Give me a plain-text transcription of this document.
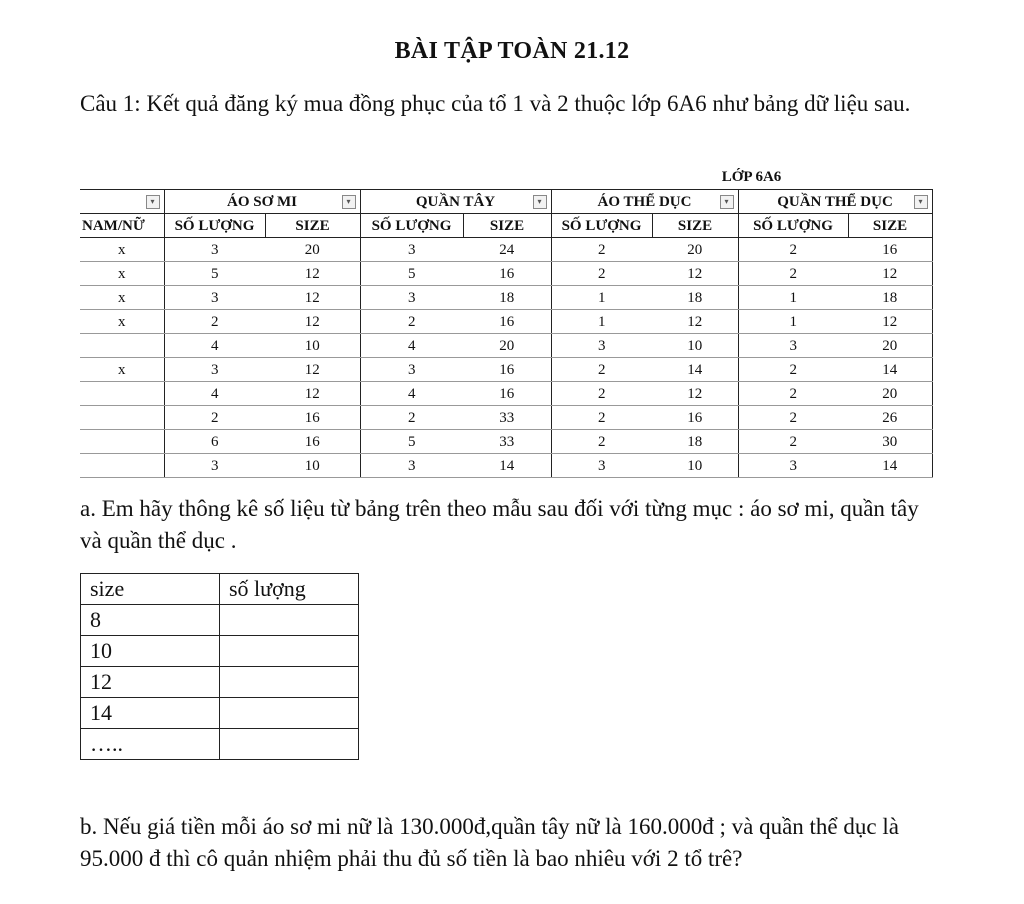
BÀI TẬP TOÀN 21.12
Câu 1: Kết quả đăng ký mua đồng phục của tổ 1 và 2 thuộc lớp 6A6 như bảng dữ liệu sau.
					LỚP 6A6			

▾	ÁO SƠ MI ▾		QUẦN TÂY ▾		ÁO THỂ DỤC ▾		QUẦN THỂ DỤC ▾	

NAM/NỮ	SỐ LƯỢNG	SIZE	SỐ LƯỢNG	SIZE	SỐ LƯỢNG	SIZE	SỐ LƯỢNG	SIZE
x	3	20	3	24	2	20	2	16
x	5	12	5	16	2	12	2	12
x	3	12	3	18	1	18	1	18
x	2	12	2	16	1	12	1	12
	4	10	4	20	3	10	3	20
x	3	12	3	16	2	14	2	14
	4	12	4	16	2	12	2	20
	2	16	2	33	2	16	2	26
	6	16	5	33	2	18	2	30
	3	10	3	14	3	10	3	14
a. Em hãy thông kê số liệu từ bảng trên theo mẫu sau đối với từng mục : áo sơ mi, quần tây và quần thể dục .
size	số lượng
8	
10	
12	
14	
…..	
b. Nếu giá tiền mỗi áo sơ mi nữ là 130.000đ,quần tây nữ là 160.000đ ; và quần thể dục là 95.000 đ thì cô quản nhiệm phải thu đủ số tiền là bao nhiêu với 2 tổ trê?
